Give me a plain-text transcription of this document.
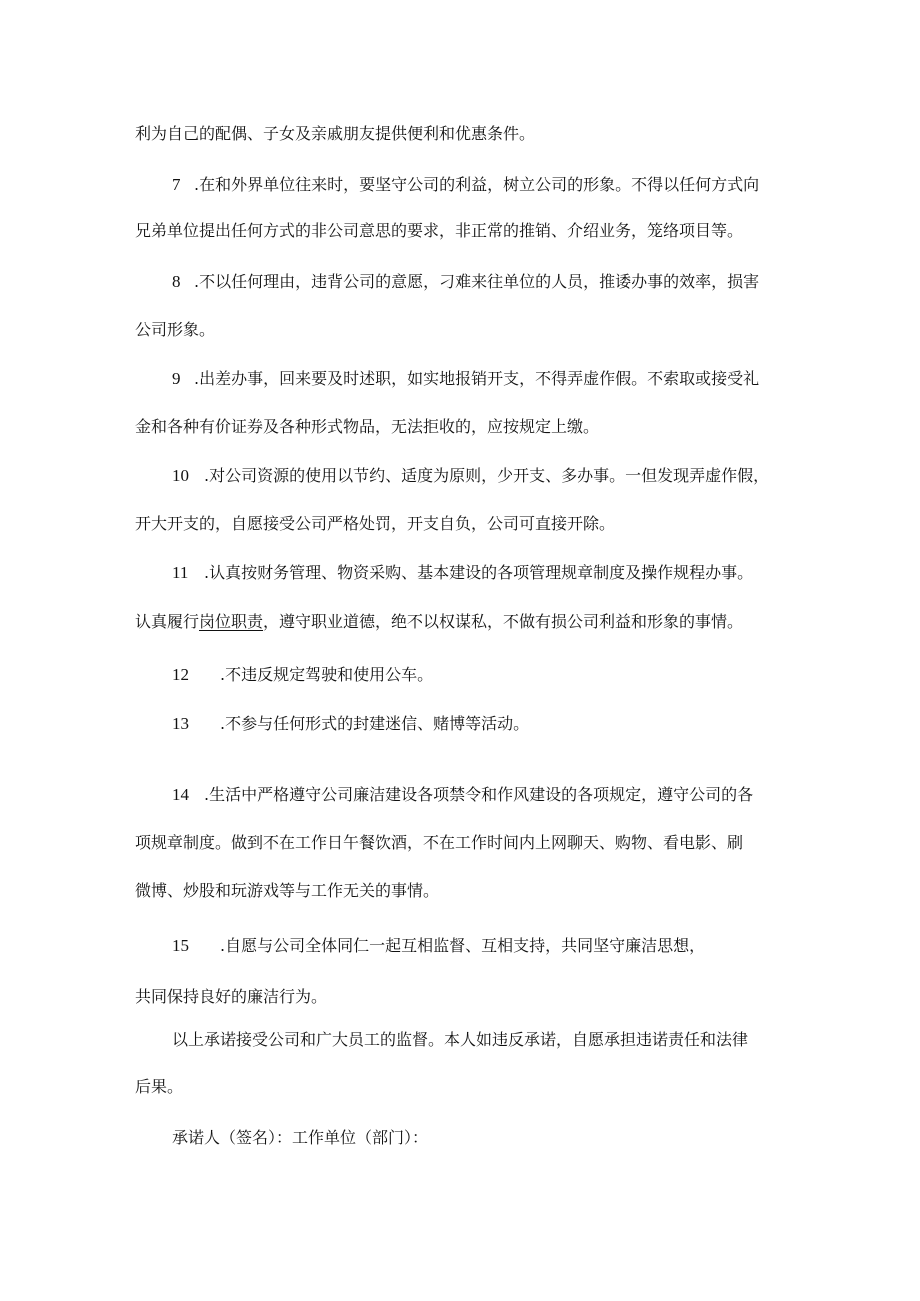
利为自己的配偶、子女及亲戚朋友提供便利和优惠条件。

7 .在和外界单位往来时，要坚守公司的利益，树立公司的形象。不得以任何方式向

兄弟单位提出任何方式的非公司意思的要求，非正常的推销、介绍业务，笼络项目等。

8 .不以任何理由，违背公司的意愿，刁难来往单位的人员，推诿办事的效率，损害

公司形象。

9 .出差办事，回来要及时述职，如实地报销开支，不得弄虚作假。不索取或接受礼

金和各种有价证券及各种形式物品，无法拒收的，应按规定上缴。

10 .对公司资源的使用以节约、适度为原则，少开支、多办事。一但发现弄虚作假，

开大开支的，自愿接受公司严格处罚，开支自负，公司可直接开除。

11 .认真按财务管理、物资采购、基本建设的各项管理规章制度及操作规程办事。

认真履行岗位职责，遵守职业道德，绝不以权谋私，不做有损公司利益和形象的事情。

12 .不违反规定驾驶和使用公车。

13 .不参与任何形式的封建迷信、赌博等活动。

14 .生活中严格遵守公司廉洁建设各项禁令和作风建设的各项规定，遵守公司的各

项规章制度。做到不在工作日午餐饮酒，不在工作时间内上网聊天、购物、看电影、刷

微博、炒股和玩游戏等与工作无关的事情。

15 .自愿与公司全体同仁一起互相监督、互相支持，共同坚守廉洁思想，

共同保持良好的廉洁行为。

以上承诺接受公司和广大员工的监督。本人如违反承诺，自愿承担违诺责任和法律

后果。

承诺人（签名）：工作单位（部门）：
